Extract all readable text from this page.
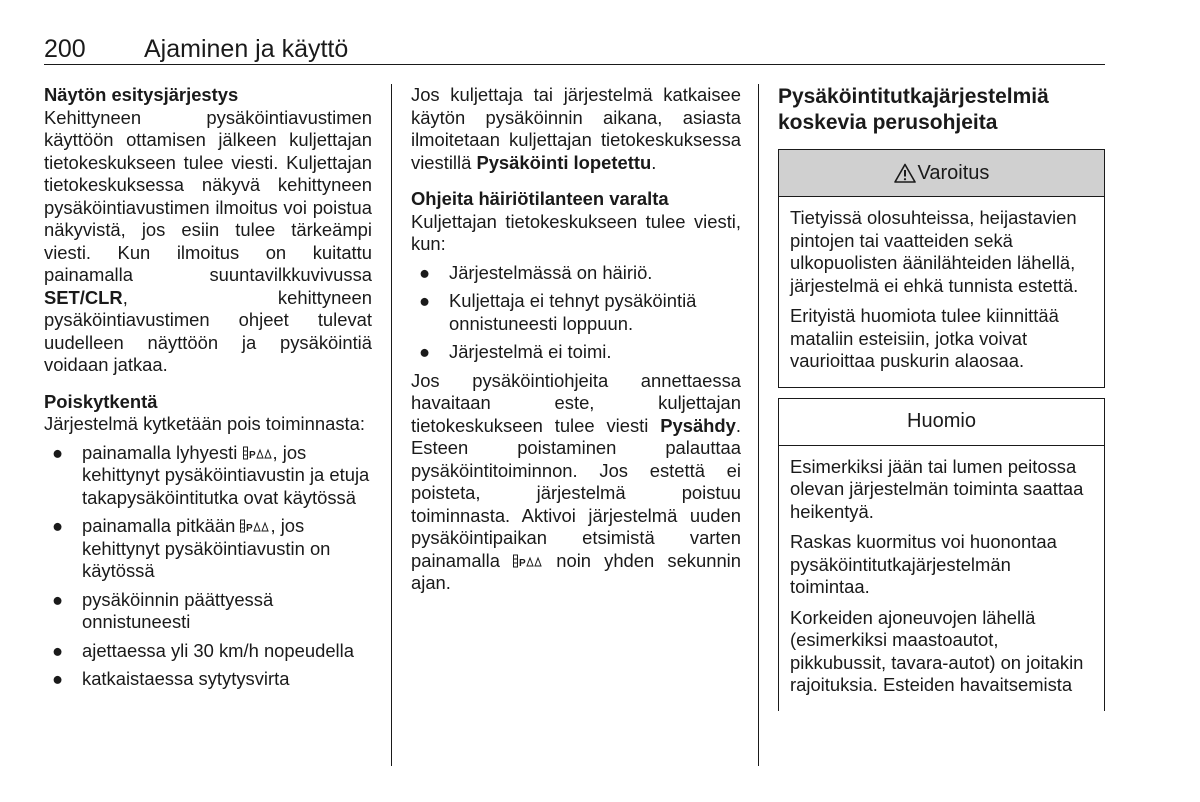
200 Ajaminen ja käyttö

Näytön esitysjärjestys

Kehittyneen pysäköintiavustimen käyttöön ottamisen jälkeen kuljettajan tietokeskukseen tulee viesti. Kuljettajan tietokeskuksessa näkyvä kehittyneen pysäköintiavustimen ilmoitus voi poistua näkyvistä, jos esiin tulee tärkeämpi viesti. Kun ilmoitus on kuitattu painamalla suuntavilkkuvivussa SET/CLR, kehittyneen pysäköintiavustimen ohjeet tulevat uudelleen näyttöön ja pysäköintiä voidaan jatkaa.

Poiskytkentä

Järjestelmä kytketään pois toiminnasta:

● painamalla lyhyesti P , jos kehittynyt pysäköintiavustin ja etuja takapysäköintitutka ovat käytössä
● painamalla pitkään P , jos kehittynyt pysäköintiavustin on käytössä
● pysäköinnin päättyessä onnistuneesti
● ajettaessa yli 30 km/h nopeudella
● katkaistaessa sytytysvirta

Jos kuljettaja tai järjestelmä katkaisee käytön pysäköinnin aikana, asiasta ilmoitetaan kuljettajan tietokeskuksessa viestillä Pysäköinti lopetettu.

Ohjeita häiriötilanteen varalta

Kuljettajan tietokeskukseen tulee viesti, kun:

● Järjestelmässä on häiriö.
● Kuljettaja ei tehnyt pysäköintiä onnistuneesti loppuun.
● Järjestelmä ei toimi.

Jos pysäköintiohjeita annettaessa havaitaan este, kuljettajan tietokeskukseen tulee viesti Pysähdy. Esteen poistaminen palauttaa pysäköintitoiminnon. Jos estettä ei poisteta, järjestelmä poistuu toiminnasta. Aktivoi järjestelmä uuden pysäköintipaikan etsimistä varten painamalla P noin yhden sekunnin ajan.

Pysäköintitutkajärjestelmiä koskevia perusohjeita

Varoitus

Tietyissä olosuhteissa, heijastavien pintojen tai vaatteiden sekä ulkopuolisten äänilähteiden lähellä, järjestelmä ei ehkä tunnista estettä.

Erityistä huomiota tulee kiinnittää mataliin esteisiin, jotka voivat vaurioittaa puskurin alaosaa.

Huomio

Esimerkiksi jään tai lumen peitossa olevan järjestelmän toiminta saattaa heikentyä.

Raskas kuormitus voi huonontaa pysäköintitutkajärjestelmän toimintaa.

Korkeiden ajoneuvojen lähellä (esimerkiksi maastoautot, pikkubussit, tavara-autot) on joitakin rajoituksia. Esteiden havaitsemista
